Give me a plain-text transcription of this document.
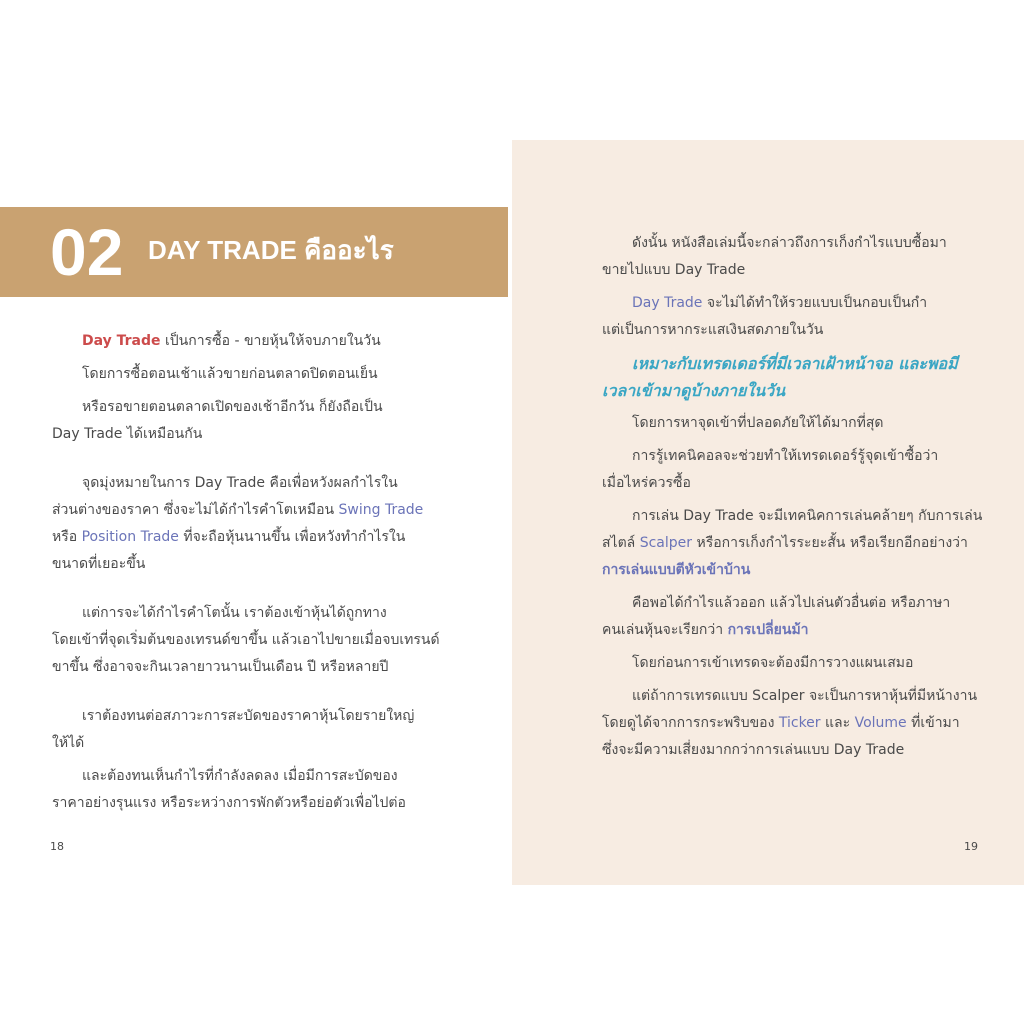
02 DAY TRADE คืออะไร

Day Trade เป็นการซื้อ - ขายหุ้นให้จบภายในวัน

โดยการซื้อตอนเช้าแล้วขายก่อนตลาดปิดตอนเย็น

หรือรอขายตอนตลาดเปิดของเช้าอีกวัน ก็ยังถือเป็น
Day Trade ได้เหมือนกัน

จุดมุ่งหมายในการ Day Trade คือเพื่อหวังผลกำไรใน
ส่วนต่างของราคา ซึ่งจะไม่ได้กำไรคำโตเหมือน Swing Trade
หรือ Position Trade ที่จะถือหุ้นนานขึ้น เพื่อหวังทำกำไรใน
ขนาดที่เยอะขึ้น

แต่การจะได้กำไรคำโตนั้น เราต้องเข้าหุ้นได้ถูกทาง
โดยเข้าที่จุดเริ่มต้นของเทรนด์ขาขึ้น แล้วเอาไปขายเมื่อจบเทรนด์
ขาขึ้น ซึ่งอาจจะกินเวลายาวนานเป็นเดือน ปี หรือหลายปี

เราต้องทนต่อสภาวะการสะบัดของราคาหุ้นโดยรายใหญ่
ให้ได้

และต้องทนเห็นกำไรที่กำลังลดลง เมื่อมีการสะบัดของ
ราคาอย่างรุนแรง หรือระหว่างการพักตัวหรือย่อตัวเพื่อไปต่อ

18

ดังนั้น หนังสือเล่มนี้จะกล่าวถึงการเก็งกำไรแบบซื้อมา
ขายไปแบบ Day Trade

Day Trade จะไม่ได้ทำให้รวยแบบเป็นกอบเป็นกำ
แต่เป็นการหากระแสเงินสดภายในวัน

เหมาะกับเทรดเดอร์ที่มีเวลาเฝ้าหน้าจอ และพอมี
เวลาเข้ามาดูบ้างภายในวัน

โดยการหาจุดเข้าที่ปลอดภัยให้ได้มากที่สุด

การรู้เทคนิคอลจะช่วยทำให้เทรดเดอร์รู้จุดเข้าซื้อว่า
เมื่อไหร่ควรซื้อ

การเล่น Day Trade จะมีเทคนิคการเล่นคล้ายๆ กับการเล่น
สไตล์ Scalper หรือการเก็งกำไรระยะสั้น หรือเรียกอีกอย่างว่า
การเล่นแบบตีหัวเข้าบ้าน

คือพอได้กำไรแล้วออก แล้วไปเล่นตัวอื่นต่อ หรือภาษา
คนเล่นหุ้นจะเรียกว่า การเปลี่ยนม้า

โดยก่อนการเข้าเทรดจะต้องมีการวางแผนเสมอ

แต่ถ้าการเทรดแบบ Scalper จะเป็นการหาหุ้นที่มีหน้างาน
โดยดูได้จากการกระพริบของ Ticker และ Volume ที่เข้ามา
ซึ่งจะมีความเสี่ยงมากกว่าการเล่นแบบ Day Trade

19
